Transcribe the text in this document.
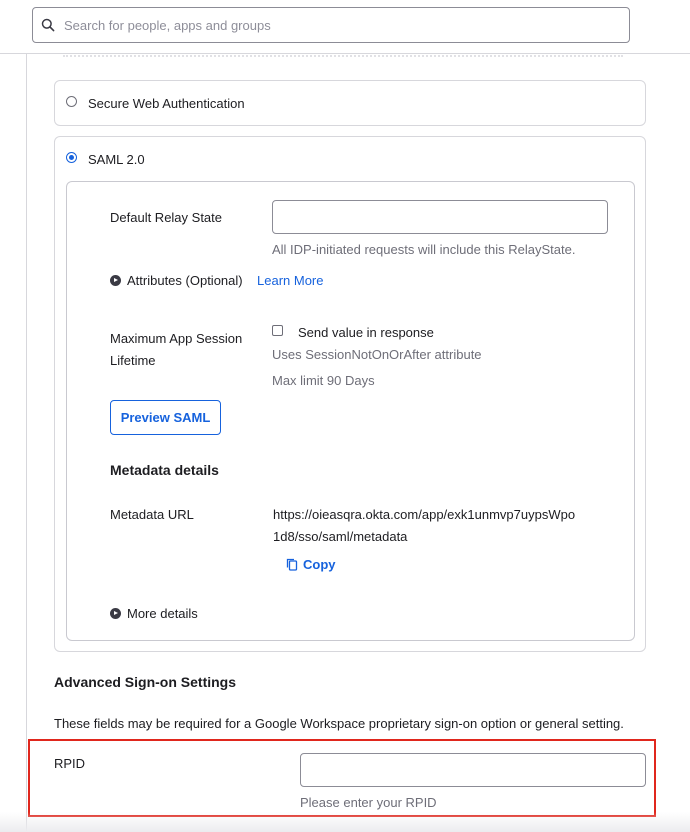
Search for people, apps and groups
Secure Web Authentication
SAML 2.0
Default Relay State
All IDP-initiated requests will include this RelayState.
Attributes (Optional) Learn More
Maximum App Session
Lifetime
Send value in response
Uses SessionNotOnOrAfter attribute
Max limit 90 Days
Preview SAML
Metadata details
Metadata URL	https://oieasqra.okta.com/app/exk1unmvp7uypsWpo
1d8/sso/saml/metadata
Copy
More details
Advanced Sign-on Settings
These fields may be required for a Google Workspace proprietary sign-on option or general setting.
RPID
Please enter your RPID
